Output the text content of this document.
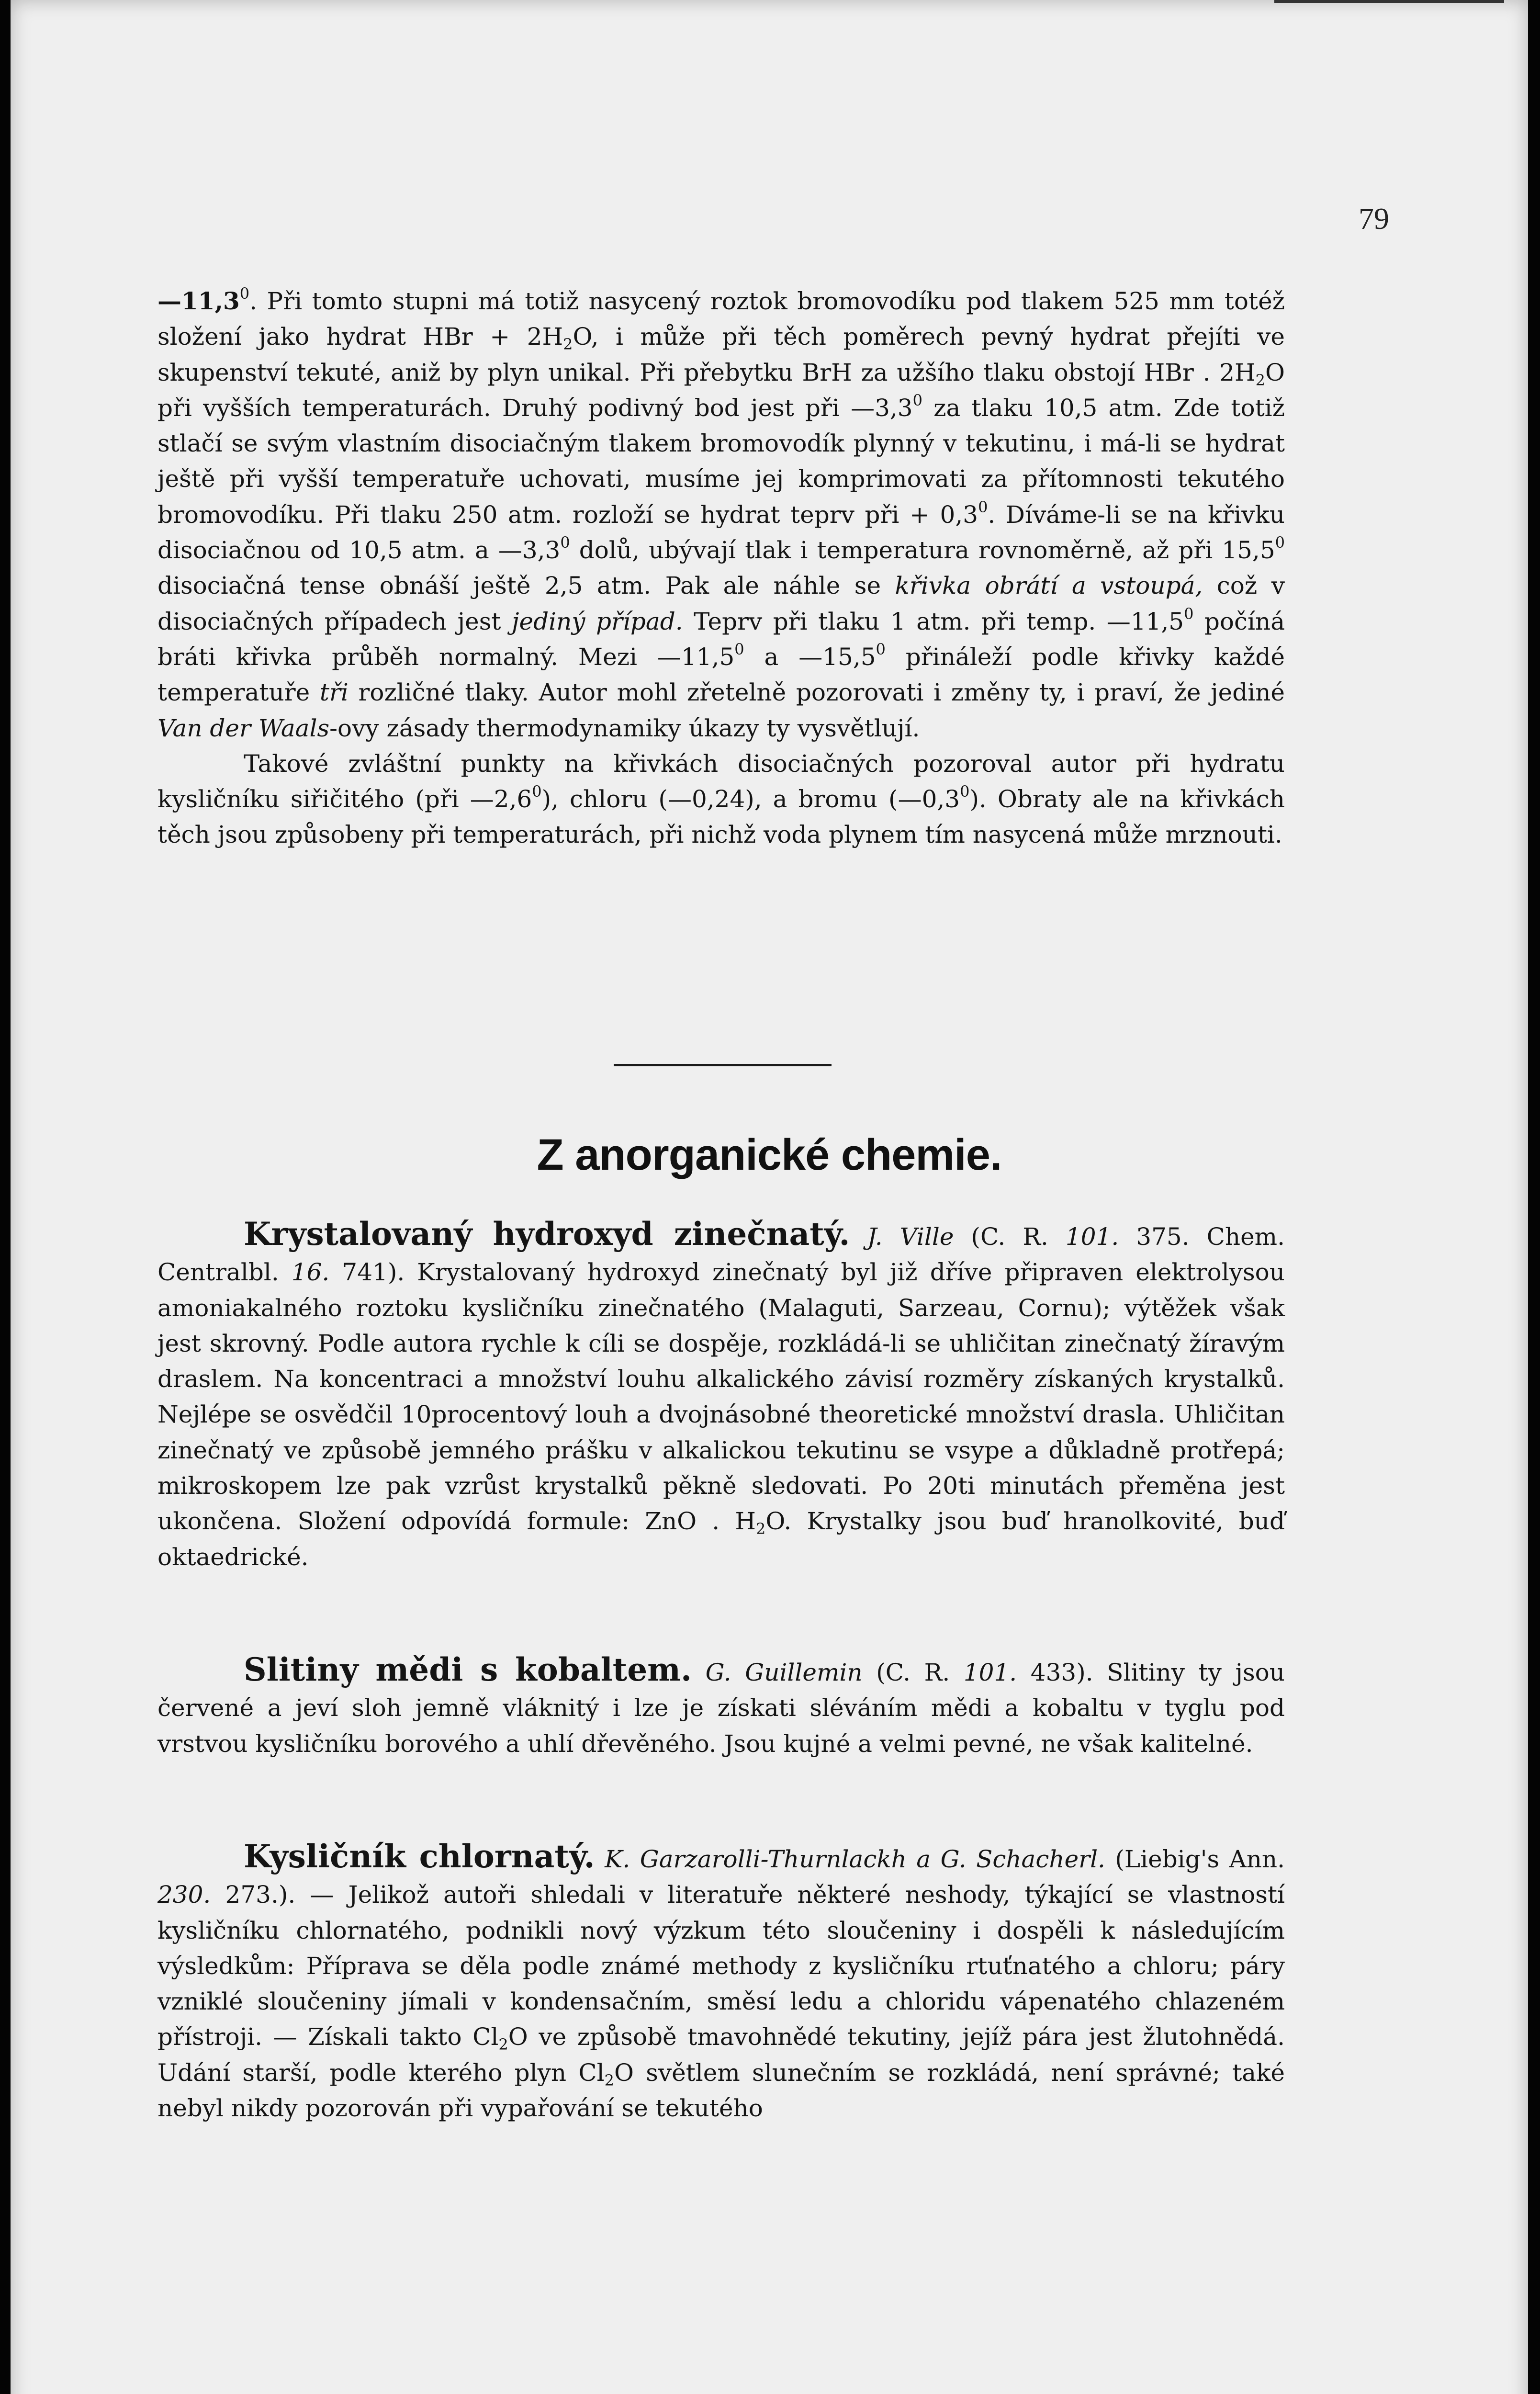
79

—11,3$^0$. Při tomto stupni má totiž nasycený roztok bromovodíku pod tlakem 525 mm totéž složení jako hydrat HBr + $2H_2O$, i může při těch poměrech pevný hydrat přejíti ve skupenství tekuté, aniž by plyn unikal. Při přebytku BrH za užšího tlaku obstojí HBr . $2H_2O$ při vyšších temperaturách. Druhý podivný bod jest při $—3,3^0$ za tlaku 10,5 atm. Zde totiž stlačí se svým vlastním disociačným tlakem bromovodík plynný v tekutinu, i má-li se hydrat ještě při vyšší temperatuře uchovati, musíme jej komprimovati za přítomnosti tekutého bromovodíku. Při tlaku 250 atm. rozloží se hydrat teprv při + $0,3^0$. Díváme-li se na křivku disociačnou od 10,5 atm. a $—3,3^0$ dolů, ubývají tlak i temperatura rovnoměrně, až při 15,5$^0$ disociačná tense obnáší ještě 2,5 atm. Pak ale náhle se křivka obrátí a vstoupá, což v disociačných případech jest jediný případ. Teprv při tlaku 1 atm. při temp. —11,5$^0$ počíná bráti křivka průběh normalný. Mezi —11,5$^0$ a —15,5$^0$ přináleží podle křivky každé temperatuře tři rozličné tlaky. Autor mohl zřetelně pozorovati i změny ty, i praví, že jediné Van der Waals-ovy zásady thermodynamiky úkazy ty vysvětlují.

Takové zvláštní punkty na křivkách disociačných pozoroval autor při hydratu kysličníku siřičitého (při $—2,6^0$), chloru (—0,24), a bromu $(—0,3^0)$. Obraty ale na křivkách těch jsou způsobeny při temperaturách, při nichž voda plynem tím nasycená může mrznouti.

Z anorganické chemie.

Krystalovaný hydroxyd zinečnatý. J. Ville (C. R. 101. 375. Chem. Centralbl. 16. 741). Krystalovaný hydroxyd zinečnatý byl již dříve připraven elektrolysou amoniakalného roztoku kysličníku zinečnatého (Malaguti, Sarzeau, Cornu); výtěžek však jest skrovný. Podle autora rychle k cíli se dospěje, rozkládá-li se uhličitan zinečnatý žíravým draslem. Na koncentraci a množství louhu alkalického závisí rozměry získaných krystalků. Nejlépe se osvědčil 10procentový louh a dvojnásobné theoretické množství drasla. Uhličitan zinečnatý ve způsobě jemného prášku v alkalickou tekutinu se vsype a důkladně protřepá; mikroskopem lze pak vzrůst krystalků pěkně sledovati. Po 20ti minutách přeměna jest ukončena. Složení odpovídá formule: ZnO . $H_2O$. Krystalky jsou buď hranolkovité, buď oktaedrické.

Slitiny mědi s kobaltem. G. Guillemin (C. R. 101. 433). Slitiny ty jsou červené a jeví sloh jemně vláknitý i lze je získati sléváním mědi a kobaltu v tyglu pod vrstvou kysličníku borového a uhlí dřevěného. Jsou kujné a velmi pevné, ne však kalitelné.

Kysličník chlornatý. K. Garzarolli-Thurnlackh a G. Schacherl. (Liebig's Ann. 230. 273.). — Jelikož autoři shledali v literatuře některé neshody, týkající se vlastností kysličníku chlornatého, podnikli nový výzkum této sloučeniny i dospěli k následujícím výsledkům: Příprava se děla podle známé methody z kysličníku rtuťnatého a chloru; páry vzniklé sloučeniny jímali v kondensačním, směsí ledu a chloridu vápenatého chlazeném přístroji. — Získali takto $Cl_2O$ ve způsobě tmavohnědé tekutiny, jejíž pára jest žlutohnědá. Udání starší, podle kterého plyn $Cl_2O$ světlem slunečním se rozkládá, není správné; také nebyl nikdy pozorován při vypařování se tekutého
